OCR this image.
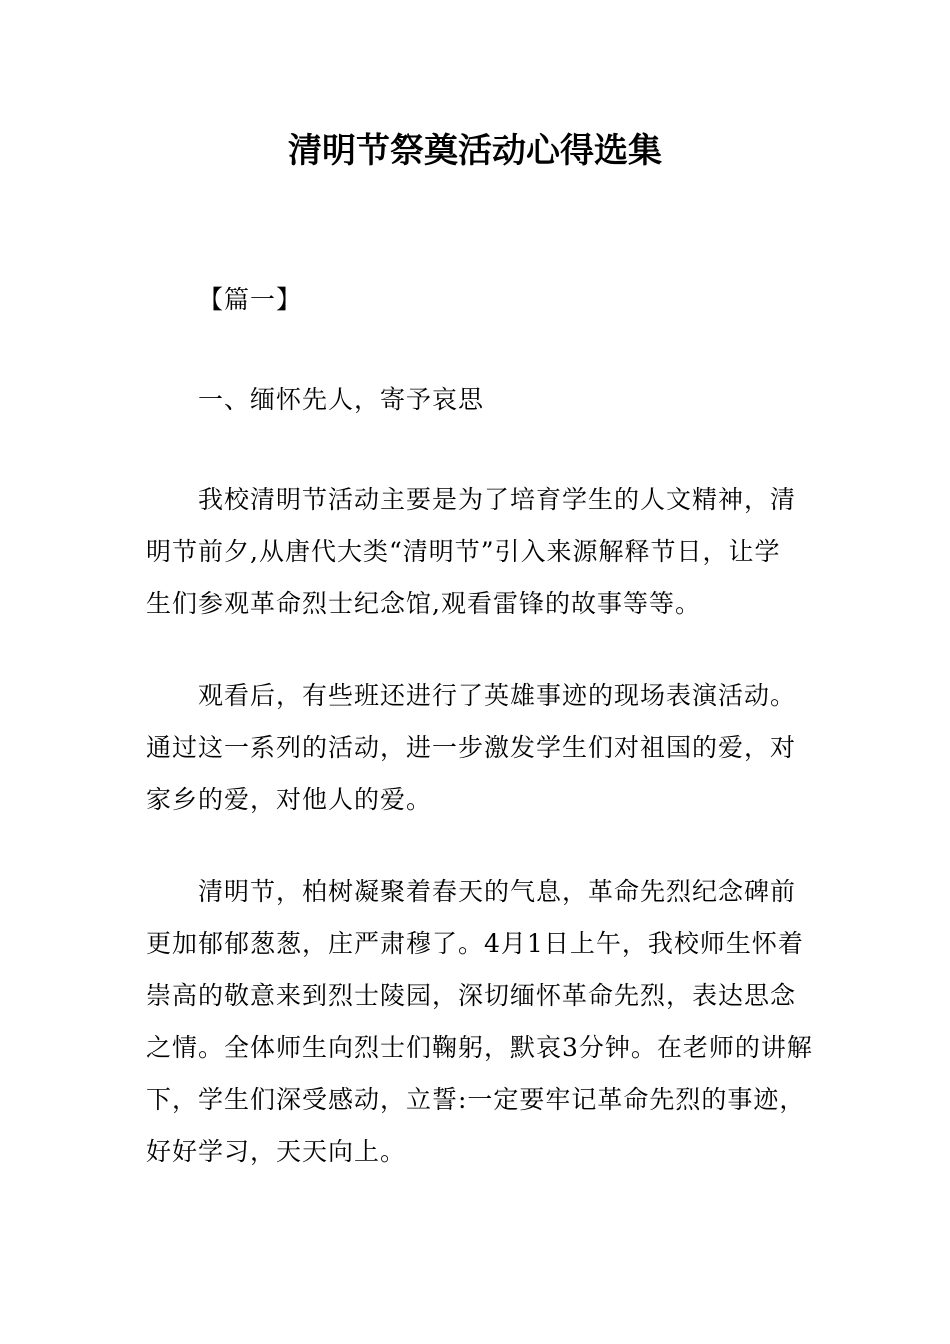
清明节祭奠活动心得选集
【篇一】
一、缅怀先人，寄予哀思
我校清明节活动主要是为了培育学生的人文精神，清
明节前夕,从唐代大类“清明节”引入来源解释节日，让学
生们参观革命烈士纪念馆,观看雷锋的故事等等。
观看后，有些班还进行了英雄事迹的现场表演活动。
通过这一系列的活动，进一步激发学生们对祖国的爱，对
家乡的爱，对他人的爱。
清明节，柏树凝聚着春天的气息，革命先烈纪念碑前
更加郁郁葱葱，庄严肃穆了。4月1日上午，我校师生怀着
崇高的敬意来到烈士陵园，深切缅怀革命先烈，表达思念
之情。全体师生向烈士们鞠躬，默哀3分钟。在老师的讲解
下，学生们深受感动，立誓:一定要牢记革命先烈的事迹，
好好学习，天天向上。
